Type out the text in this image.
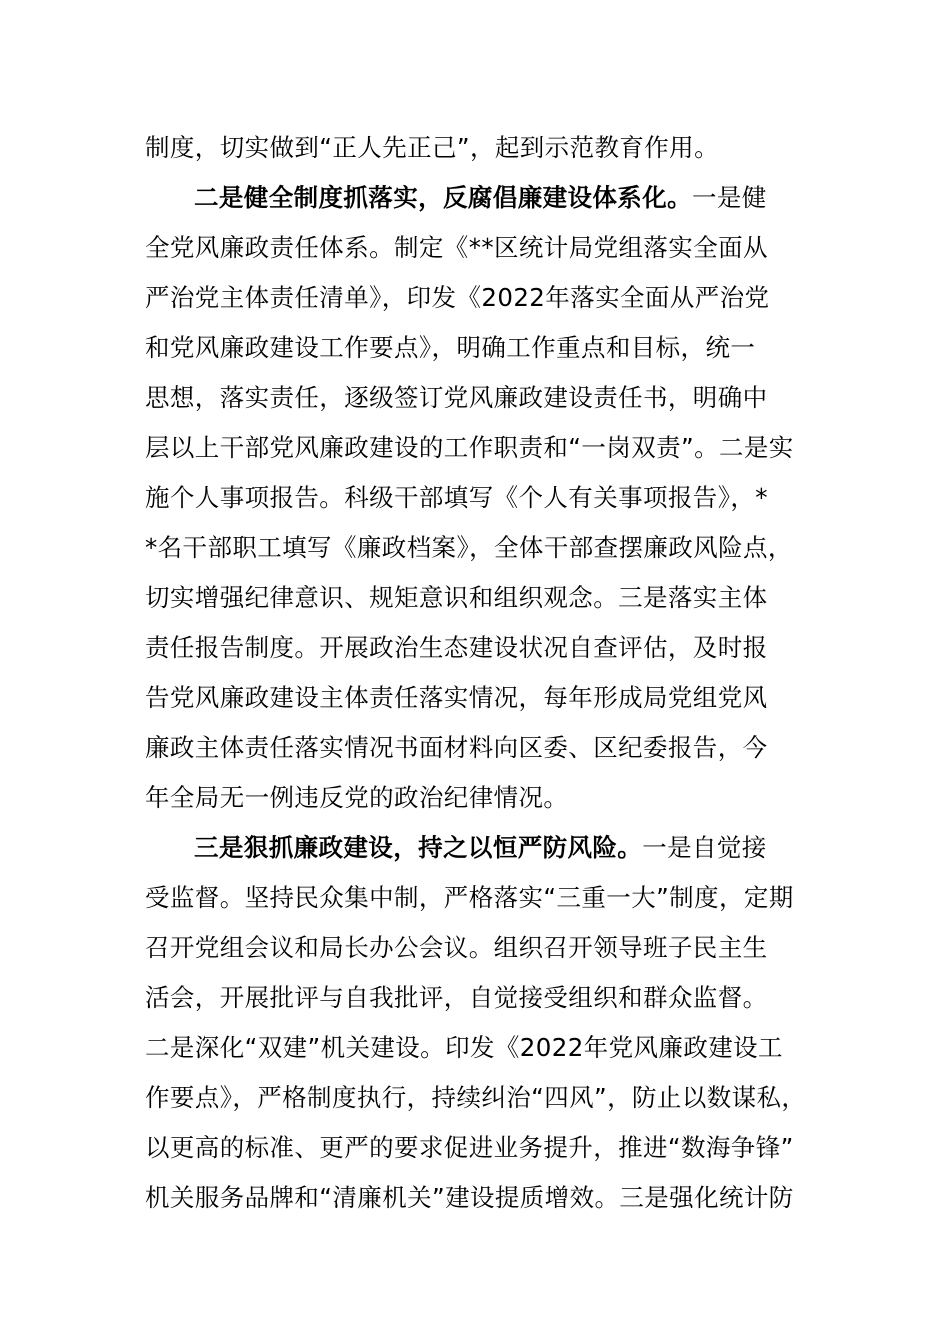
制度，切实做到“正人先正己”，起到示范教育作用。
二是健全制度抓落实，反腐倡廉建设体系化。一是健
全党风廉政责任体系。制定《**区统计局党组落实全面从
严治党主体责任清单》，印发《2022年落实全面从严治党
和党风廉政建设工作要点》，明确工作重点和目标，统一
思想，落实责任，逐级签订党风廉政建设责任书，明确中
层以上干部党风廉政建设的工作职责和“一岗双责”。二是实
施个人事项报告。科级干部填写《个人有关事项报告》，*
*名干部职工填写《廉政档案》，全体干部查摆廉政风险点，
切实增强纪律意识、规矩意识和组织观念。三是落实主体
责任报告制度。开展政治生态建设状况自查评估，及时报
告党风廉政建设主体责任落实情况，每年形成局党组党风
廉政主体责任落实情况书面材料向区委、区纪委报告，今
年全局无一例违反党的政治纪律情况。
三是狠抓廉政建设，持之以恒严防风险。一是自觉接
受监督。坚持民众集中制，严格落实“三重一大”制度，定期
召开党组会议和局长办公会议。组织召开领导班子民主生
活会，开展批评与自我批评，自觉接受组织和群众监督。
二是深化“双建”机关建设。印发《2022年党风廉政建设工
作要点》，严格制度执行，持续纠治“四风”，防止以数谋私，
以更高的标准、更严的要求促进业务提升，推进“数海争锋”
机关服务品牌和“清廉机关”建设提质增效。三是强化统计防
